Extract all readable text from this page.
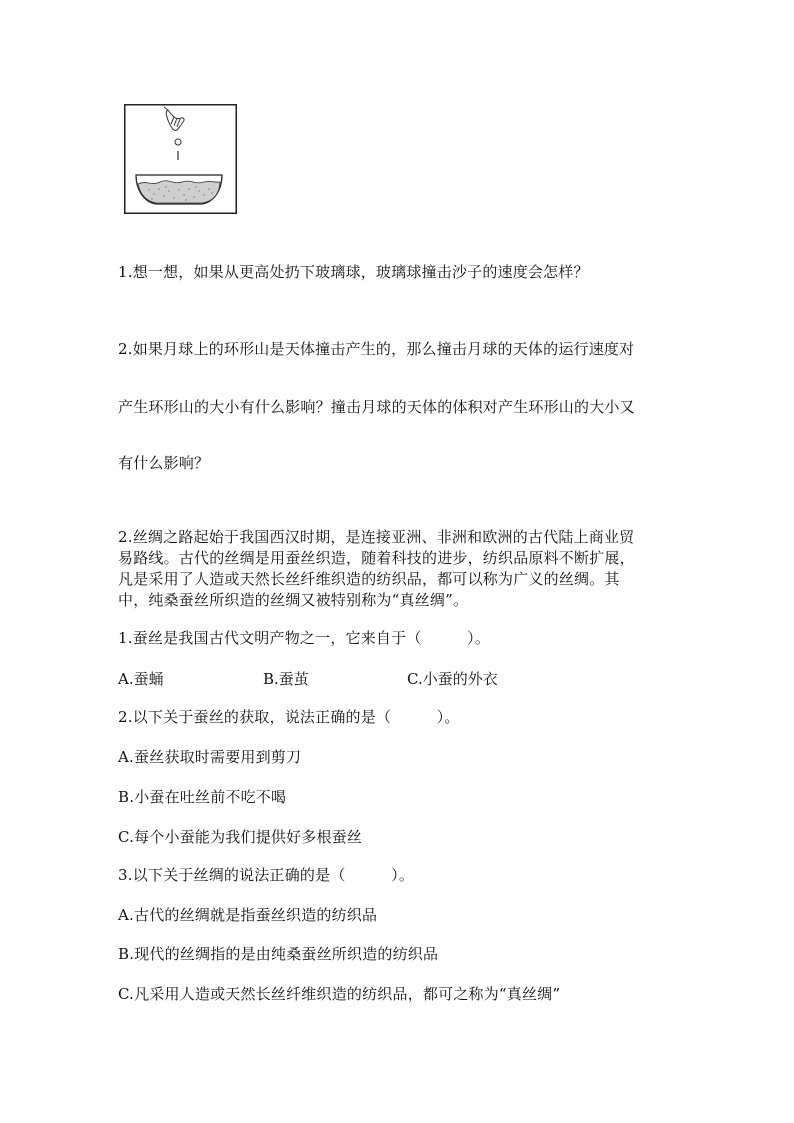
1.想一想，如果从更高处扔下玻璃球，玻璃球撞击沙子的速度会怎样？
2.如果月球上的环形山是天体撞击产生的，那么撞击月球的天体的运行速度对
产生环形山的大小有什么影响？撞击月球的天体的体积对产生环形山的大小又
有什么影响？

2.丝绸之路起始于我国西汉时期，是连接亚洲、非洲和欧洲的古代陆上商业贸

易路线。古代的丝绸是用蚕丝织造，随着科技的进步，纺织品原料不断扩展，

凡是采用了人造或天然长丝纤维织造的纺织品，都可以称为广义的丝绸。其

中，纯桑蚕丝所织造的丝绸又被特别称为“真丝绸”。

1.蚕丝是我国古代文明产物之一，它来自于（　　　）。
A.蚕蛹	B.蚕茧	C.小蚕的外衣
2.以下关于蚕丝的获取，说法正确的是（　　　）。
A.蚕丝获取时需要用到剪刀
B.小蚕在吐丝前不吃不喝
C.每个小蚕能为我们提供好多根蚕丝
3.以下关于丝绸的说法正确的是（　　　）。
A.古代的丝绸就是指蚕丝织造的纺织品
B.现代的丝绸指的是由纯桑蚕丝所织造的纺织品
C.凡采用人造或天然长丝纤维织造的纺织品，都可之称为“真丝绸”
